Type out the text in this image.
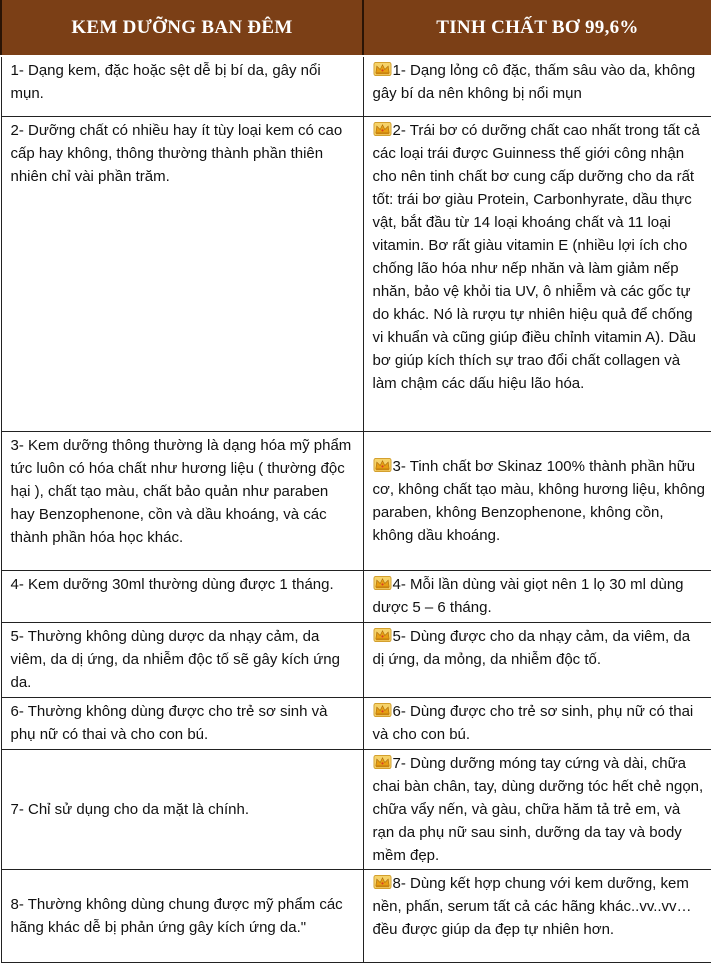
KEM DƯỠNG BAN ĐÊM	TINH CHẤT BƠ 99,6%
1- Dạng kem, đặc hoặc sệt dễ bị bí da, gây nổi mụn.	1- Dạng lỏng cô đặc, thấm sâu vào da, không gây bí da nên không bị nổi mụn
2- Dưỡng chất có nhiều hay ít tùy loại kem có cao cấp hay không, thông thường thành phần thiên nhiên chỉ vài phần trăm.	2- Trái bơ có dưỡng chất cao nhất trong tất cả các loại trái được Guinness thế giới công nhận cho nên tinh chất bơ cung cấp dưỡng cho da rất tốt: trái bơ giàu Protein, Carbonhyrate, dầu thực vật, bắt đầu từ 14 loại khoáng chất và 11 loại vitamin. Bơ rất giàu vitamin E (nhiều lợi ích cho chống lão hóa như nếp nhăn và làm giảm nếp nhăn, bảo vệ khỏi tia UV, ô nhiễm và các gốc tự do khác. Nó là rượu tự nhiên hiệu quả để chống vi khuẩn và cũng giúp điều chỉnh vitamin A). Dầu bơ giúp kích thích sự trao đổi chất collagen và làm chậm các dấu hiệu lão hóa.
3- Kem dưỡng thông thường là dạng hóa mỹ phẩm tức luôn có hóa chất như hương liệu ( thường độc hại ), chất tạo màu, chất bảo quản như paraben hay Benzophenone, cồn và dầu khoáng, và các thành phần hóa học khác.	3- Tinh chất bơ Skinaz 100% thành phần hữu cơ, không chất tạo màu, không hương liệu, không paraben, không Benzophenone, không cồn, không dầu khoáng.
4- Kem dưỡng 30ml thường dùng được 1 tháng.	4- Mỗi lần dùng vài giọt nên 1 lọ 30 ml dùng dược 5 – 6 tháng.
5- Thường không dùng dược da nhạy cảm, da viêm, da dị ứng, da nhiễm độc tố sẽ gây kích ứng da.	5- Dùng được cho da nhạy cảm, da viêm, da dị ứng, da mỏng, da nhiễm độc tố.
6- Thường không dùng được cho trẻ sơ sinh và phụ nữ có thai và cho con bú.	6- Dùng được cho trẻ sơ sinh, phụ nữ có thai và cho con bú.
7- Chỉ sử dụng cho da mặt là chính.	7- Dùng dưỡng móng tay cứng và dài, chữa chai bàn chân, tay, dùng dưỡng tóc hết chẻ ngọn, chữa vẩy nến, và gàu, chữa hăm tả trẻ em, và rạn da phụ nữ sau sinh, dưỡng da tay và body mềm đẹp.
8- Thường không dùng chung được mỹ phẩm các hãng khác dễ bị phản ứng gây kích ứng da."	8- Dùng kết hợp chung với kem dưỡng, kem nền, phấn, serum tất cả các hãng khác..vv..vv…đều được giúp da đẹp tự nhiên hơn.
